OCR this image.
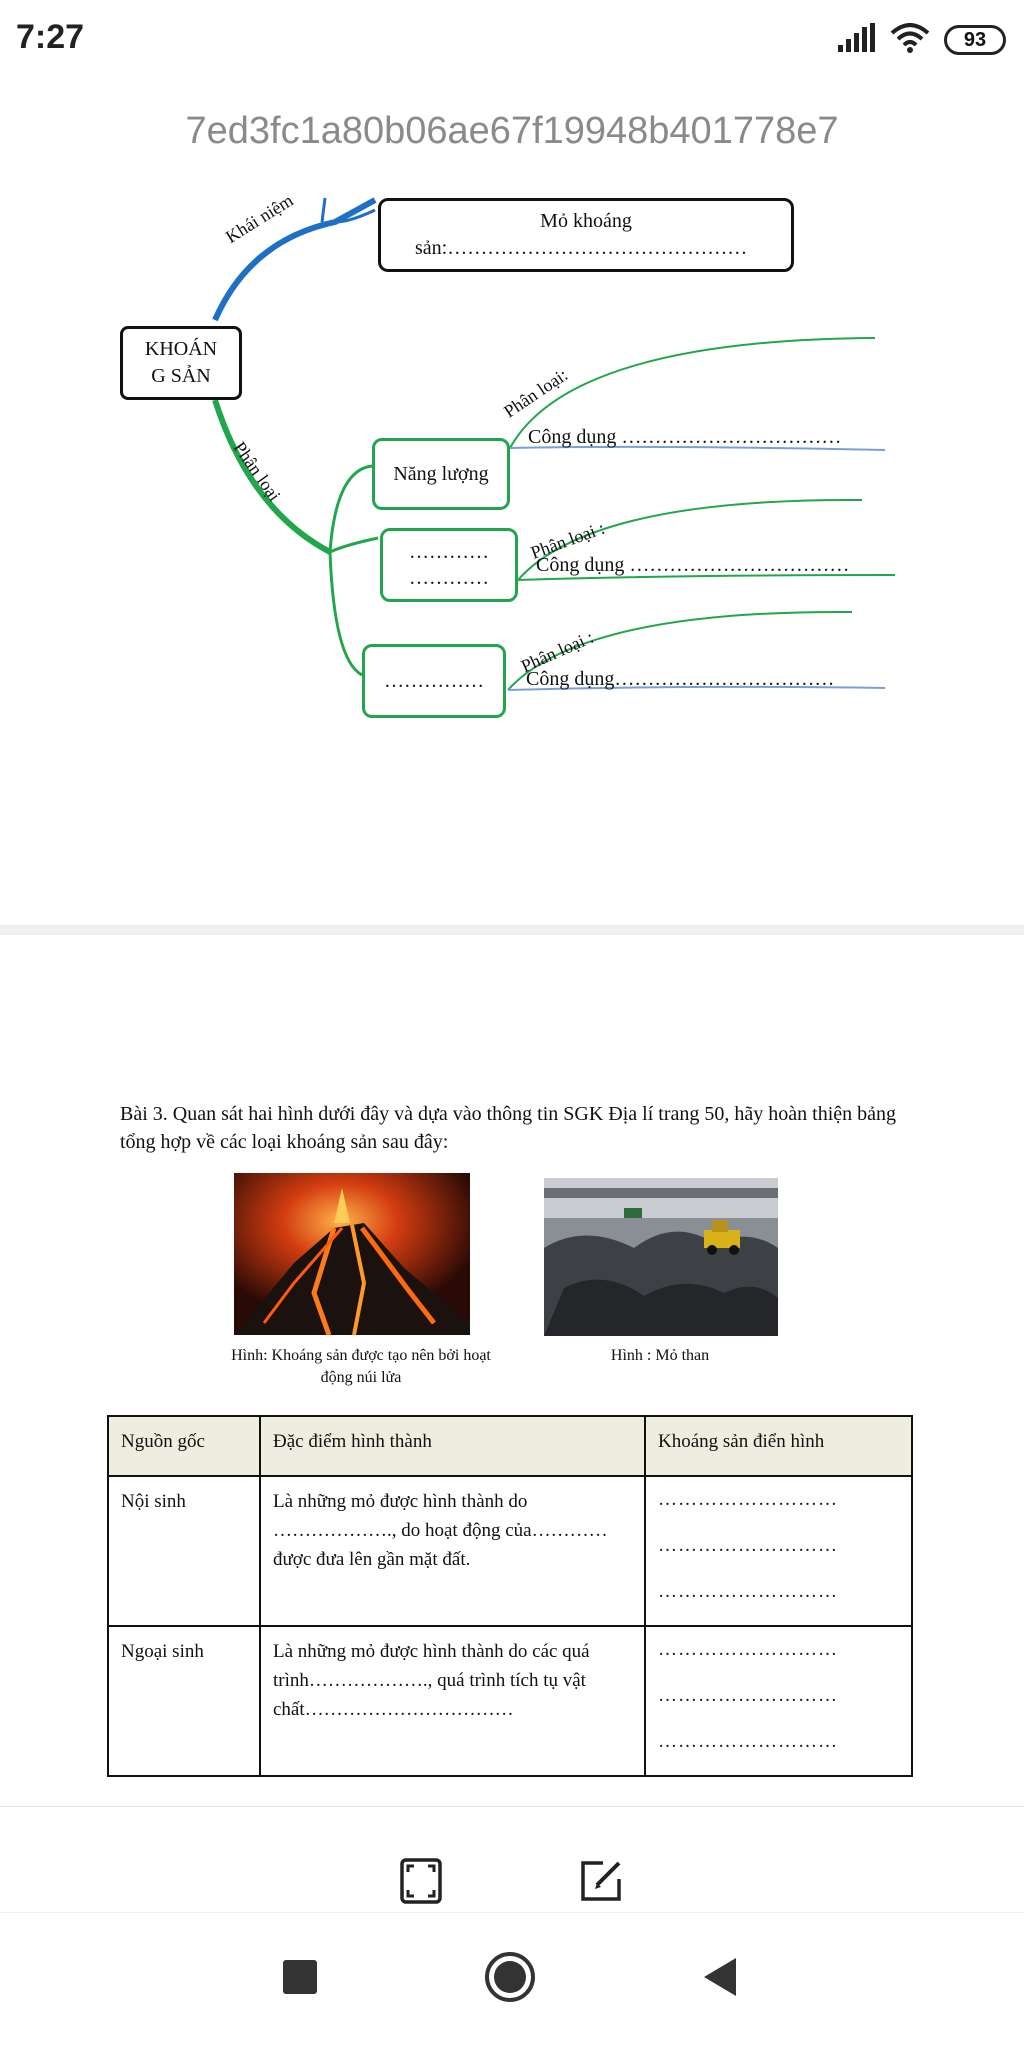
7:27	93
7ed3fc1a80b06ae67f19948b401778e7
KHOÁN
G SẢN
Khái niệm	Mỏ khoáng
sản:………………………………………
Phân loại	Năng lượng
Phân loại:
Công dụng ……………………………
…………
…………
Phân loại :
Công dụng ……………………………
……………
Phân loại :
Công dụng……………………………
Bài 3. Quan sát hai hình dưới đây và dựa vào thông tin SGK Địa lí trang 50, hãy hoàn thiện bảng tổng hợp về các loại khoáng sản sau đây:
Hình: Khoáng sản được tạo nên bởi hoạt động núi lửa
Hình : Mỏ than
Nguồn gốc	Đặc điểm hình thành	Khoáng sản điển hình
Nội sinh	Là những mỏ được hình thành do ………………., do hoạt động của…………được đưa lên gần mặt đất.	………………………
………………………
………………………
Ngoại sinh	Là những mỏ được hình thành do các quá trình………………., quá trình tích tụ vật chất……………………………	………………………
………………………
………………………
